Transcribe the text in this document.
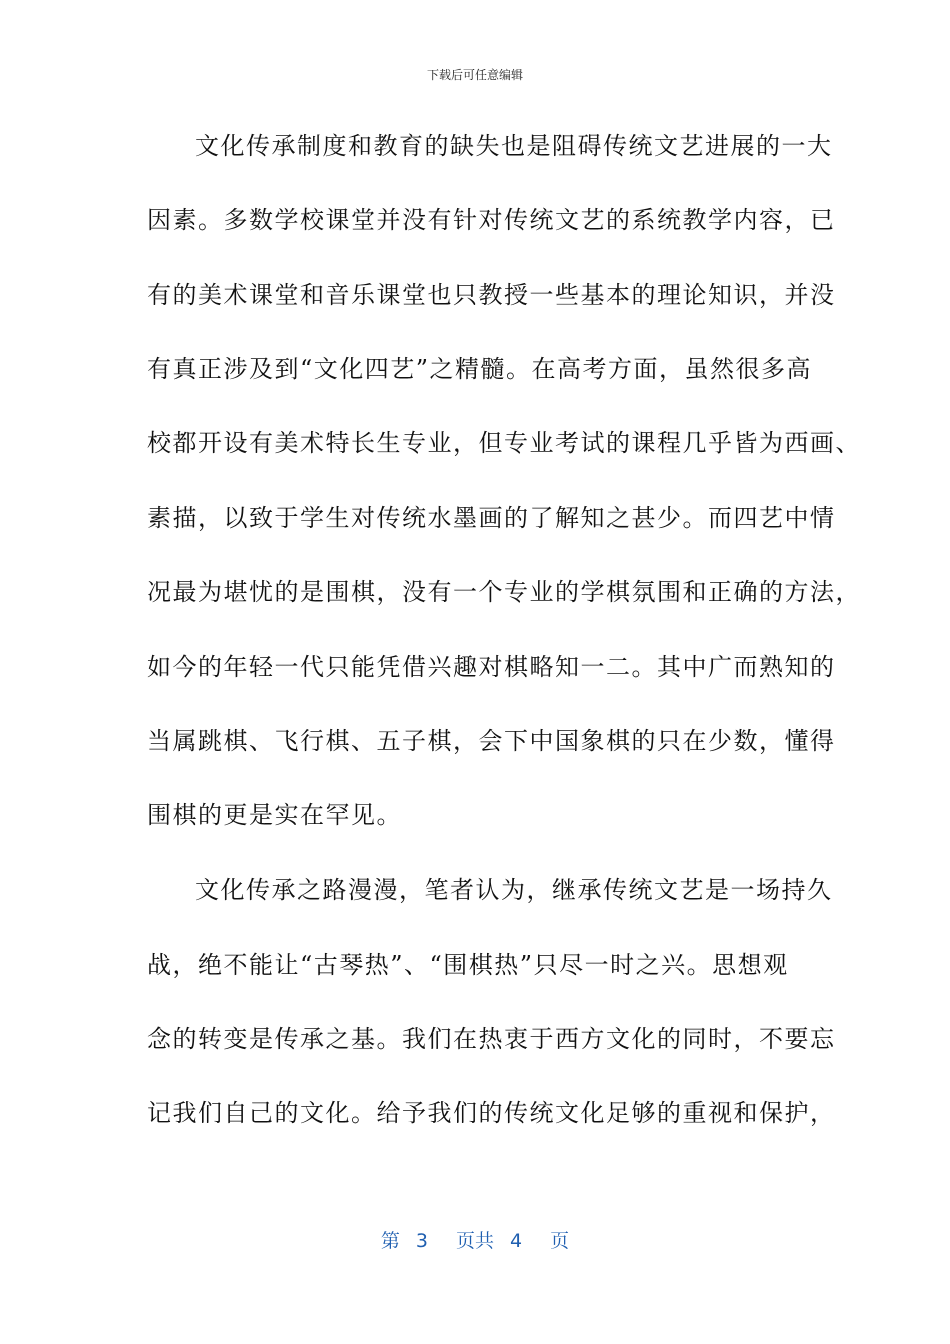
下载后可任意编辑
文化传承制度和教育的缺失也是阻碍传统文艺进展的一大
因素。多数学校课堂并没有针对传统文艺的系统教学内容，已
有的美术课堂和音乐课堂也只教授一些基本的理论知识，并没
有真正涉及到“文化四艺”之精髓。在高考方面，虽然很多高
校都开设有美术特长生专业，但专业考试的课程几乎皆为西画、
素描，以致于学生对传统水墨画的了解知之甚少。而四艺中情
况最为堪忧的是围棋，没有一个专业的学棋氛围和正确的方法，
如今的年轻一代只能凭借兴趣对棋略知一二。其中广而熟知的
当属跳棋、飞行棋、五子棋，会下中国象棋的只在少数，懂得
围棋的更是实在罕见。
文化传承之路漫漫，笔者认为，继承传统文艺是一场持久
战，绝不能让“古琴热”、“围棋热”只尽一时之兴。思想观
念的转变是传承之基。我们在热衷于西方文化的同时，不要忘
记我们自己的文化。给予我们的传统文化足够的重视和保护，
第 3 页共 4 页
